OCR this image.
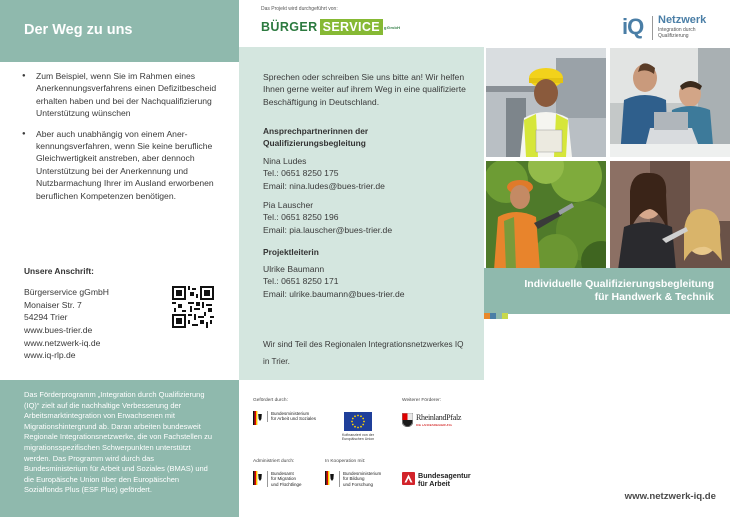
Der Weg zu uns
● Zum Beispiel, wenn Sie im Rahmen eines Anerkennungsverfahrens einen Defizitbescheid erhalten haben und bei der Nachqualifizierung Unterstützung wünschen
● Aber auch unabhängig von einem Anerkennungsverfahren, wenn Sie keine berufliche Gleichwertigkeit anstreben, aber dennoch Unterstützung bei der Anerkennung und Nutzbarmachung Ihrer im Ausland erworbenen beruflichen Kompetenzen benötigen.
Unsere Anschrift:
Bürgerservice gGmbH
Monaiser Str. 7
54294 Trier
www.bues-trier.de
www.netzwerk-iq.de
www.iq-rlp.de

Das Förderprogramm „Integration durch Qualifizierung (IQ)“ zielt auf die nachhaltige Verbesserung der Arbeitsmarktintegration von Erwachsenen mit Migrationshintergrund ab. Daran arbeiten bundesweit Regionale Integrationsnetzwerke, die von Fachstellen zu migrationsspezifischen Schwerpunkten unterstützt werden. Das Programm wird durch das Bundesministerium für Arbeit und Soziales (BMAS) und die Europäische Union über den Europäischen Sozialfonds Plus (ESF Plus) gefördert.

Das Projekt wird durchgeführt von:
BÜRGER SERVICE gGmbH
Sprechen oder schreiben Sie uns bitte an! Wir helfen Ihnen gerne weiter auf ihrem Weg in eine qualifizierte Beschäftigung in Deutschland.
Ansprechpartnerinnen der Qualifizierungsbegleitung
Nina Ludes
Tel.: 0651 8250 175
Email: nina.ludes@bues-trier.de
Pia Lauscher
Tel.: 0651 8250 196
Email: pia.lauscher@bues-trier.de
Projektleiterin
Ulrike Baumann
Tel.: 0651 8250 171
Email: ulrike.baumann@bues-trier.de
Wir sind Teil des Regionalen Integrationsnetzwerkes IQ in Trier.
Gefördert durch:
Bundesministerium
für Arbeit und Soziales
Kofinanziert von der
Europäischen Union
Weiterer Förderer:
RheinlandPfalz
DIE LANDESREGIERUNG
Administriert durch:
Bundesamt
für Migration
und Flüchtlinge
In Kooperation mit:
Bundesministerium
für Bildung
und Forschung
Bundesagentur
für Arbeit
iQ Netzwerk
Integration durch
Qualifizierung
Individuelle Qualifizierungsbegleitung
für Handwerk & Technik
www.netzwerk-iq.de
